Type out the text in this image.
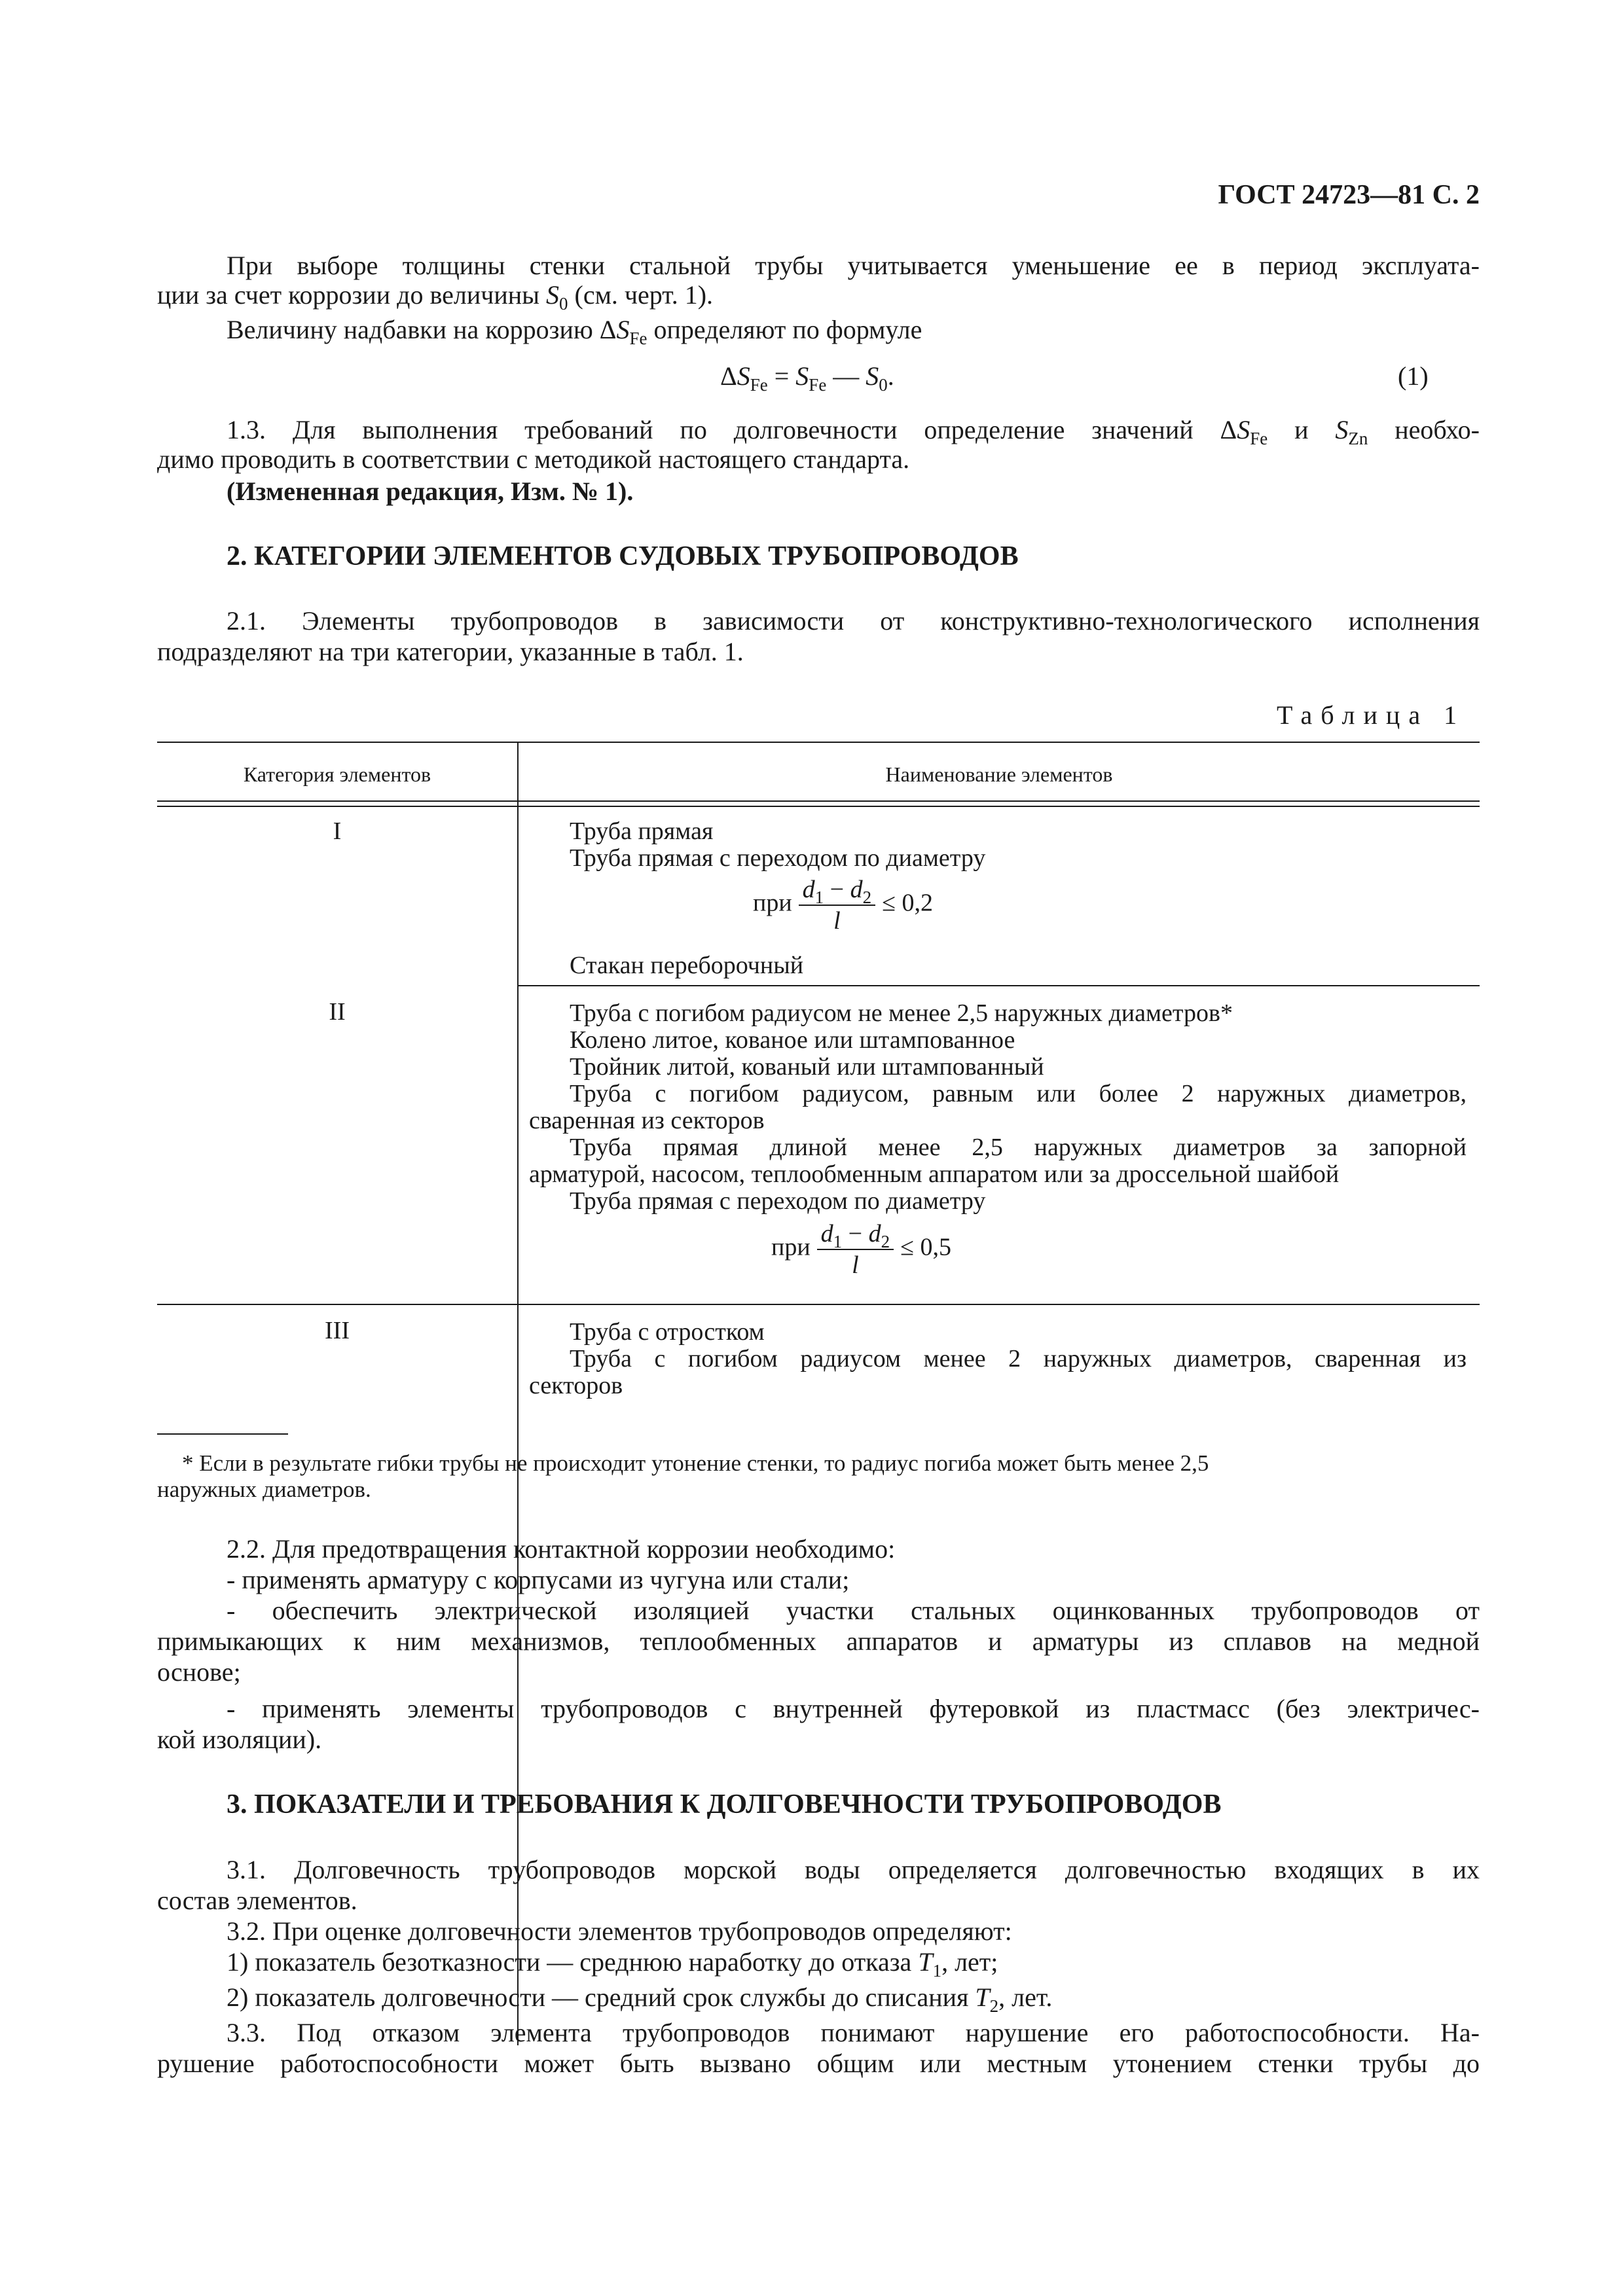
ГОСТ 24723—81 С. 2
При выборе толщины стенки стальной трубы учитывается уменьшение ее в период эксплуата-
ции за счет коррозии до величины $S_0$ (см. черт. 1).
Величину надбавки на коррозию $\Delta S_{Fe}$ определяют по формуле
$\Delta S_{Fe} = S_{Fe}$ — $S_0$.	(1)
1.3. Для выполнения требований по долговечности определение значений $\Delta S_{Fe}$ и $S_{Zn}$ необхо-
димо проводить в соответствии с методикой настоящего стандарта.
(Измененная редакция, Изм. № 1).
2. КАТЕГОРИИ ЭЛЕМЕНТОВ СУДОВЫХ ТРУБОПРОВОДОВ
2.1. Элементы трубопроводов в зависимости от конструктивно-технологического исполнения
подразделяют на три категории, указанные в табл. 1.
Таблица 1
Категория элементов	Наименование элементов
I	Труба прямая
Труба прямая с переходом по диаметру
при $\frac{d_1 - d_2}{l} \le 0,2$
Стакан переборочный
II	Труба с погибом радиусом не менее 2,5 наружных диаметров*
Колено литое, кованое или штампованное
Тройник литой, кованый или штампованный
Труба с погибом радиусом, равным или более 2 наружных диаметров,
сваренная из секторов
Труба прямая длиной менее 2,5 наружных диаметров за запорной
арматурой, насосом, теплообменным аппаратом или за дроссельной шайбой
Труба прямая с переходом по диаметру
при $\frac{d_1 - d_2}{l} \le 0,5$
III	Труба с отростком
Труба с погибом радиусом менее 2 наружных диаметров, сваренная из
секторов
* Если в результате гибки трубы не происходит утонение стенки, то радиус погиба может быть менее 2,5
наружных диаметров.
2.2. Для предотвращения контактной коррозии необходимо:
- применять арматуру с корпусами из чугуна или стали;
- обеспечить электрической изоляцией участки стальных оцинкованных трубопроводов от
примыкающих к ним механизмов, теплообменных аппаратов и арматуры из сплавов на медной
основе;
- применять элементы трубопроводов с внутренней футеровкой из пластмасс (без электричес-
кой изоляции).
3. ПОКАЗАТЕЛИ И ТРЕБОВАНИЯ К ДОЛГОВЕЧНОСТИ ТРУБОПРОВОДОВ
3.1. Долговечность трубопроводов морской воды определяется долговечностью входящих в их
состав элементов.
3.2. При оценке долговечности элементов трубопроводов определяют:
1) показатель безотказности — среднюю наработку до отказа $T_1$, лет;
2) показатель долговечности — средний срок службы до списания $T_2$, лет.
3.3. Под отказом элемента трубопроводов понимают нарушение его работоспособности. На-
рушение работоспособности может быть вызвано общим или местным утонением стенки трубы до
